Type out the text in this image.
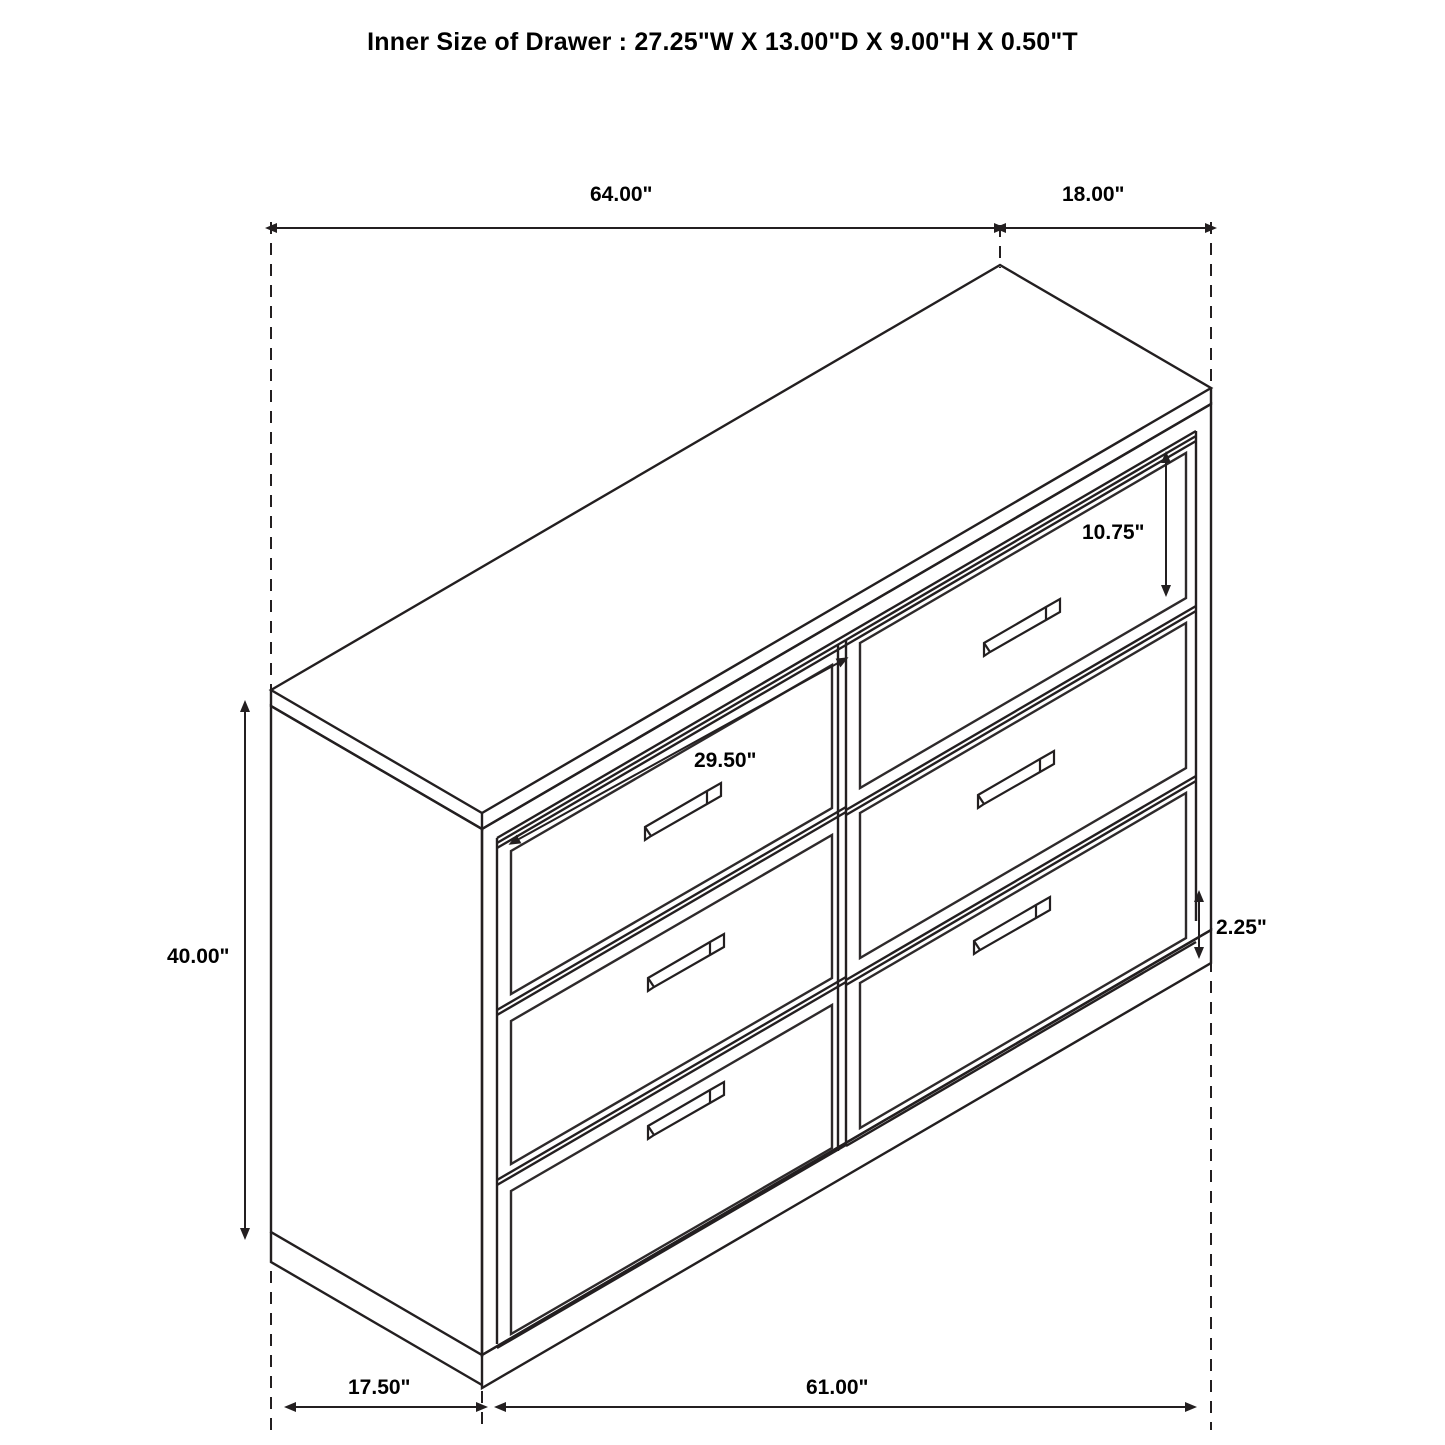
Inner Size of Drawer : 27.25"W X 13.00"D X 9.00"H X 0.50"T
64.00"	18.00"
10.75"
2.25"
29.50"
40.00"
17.50"	61.00"
